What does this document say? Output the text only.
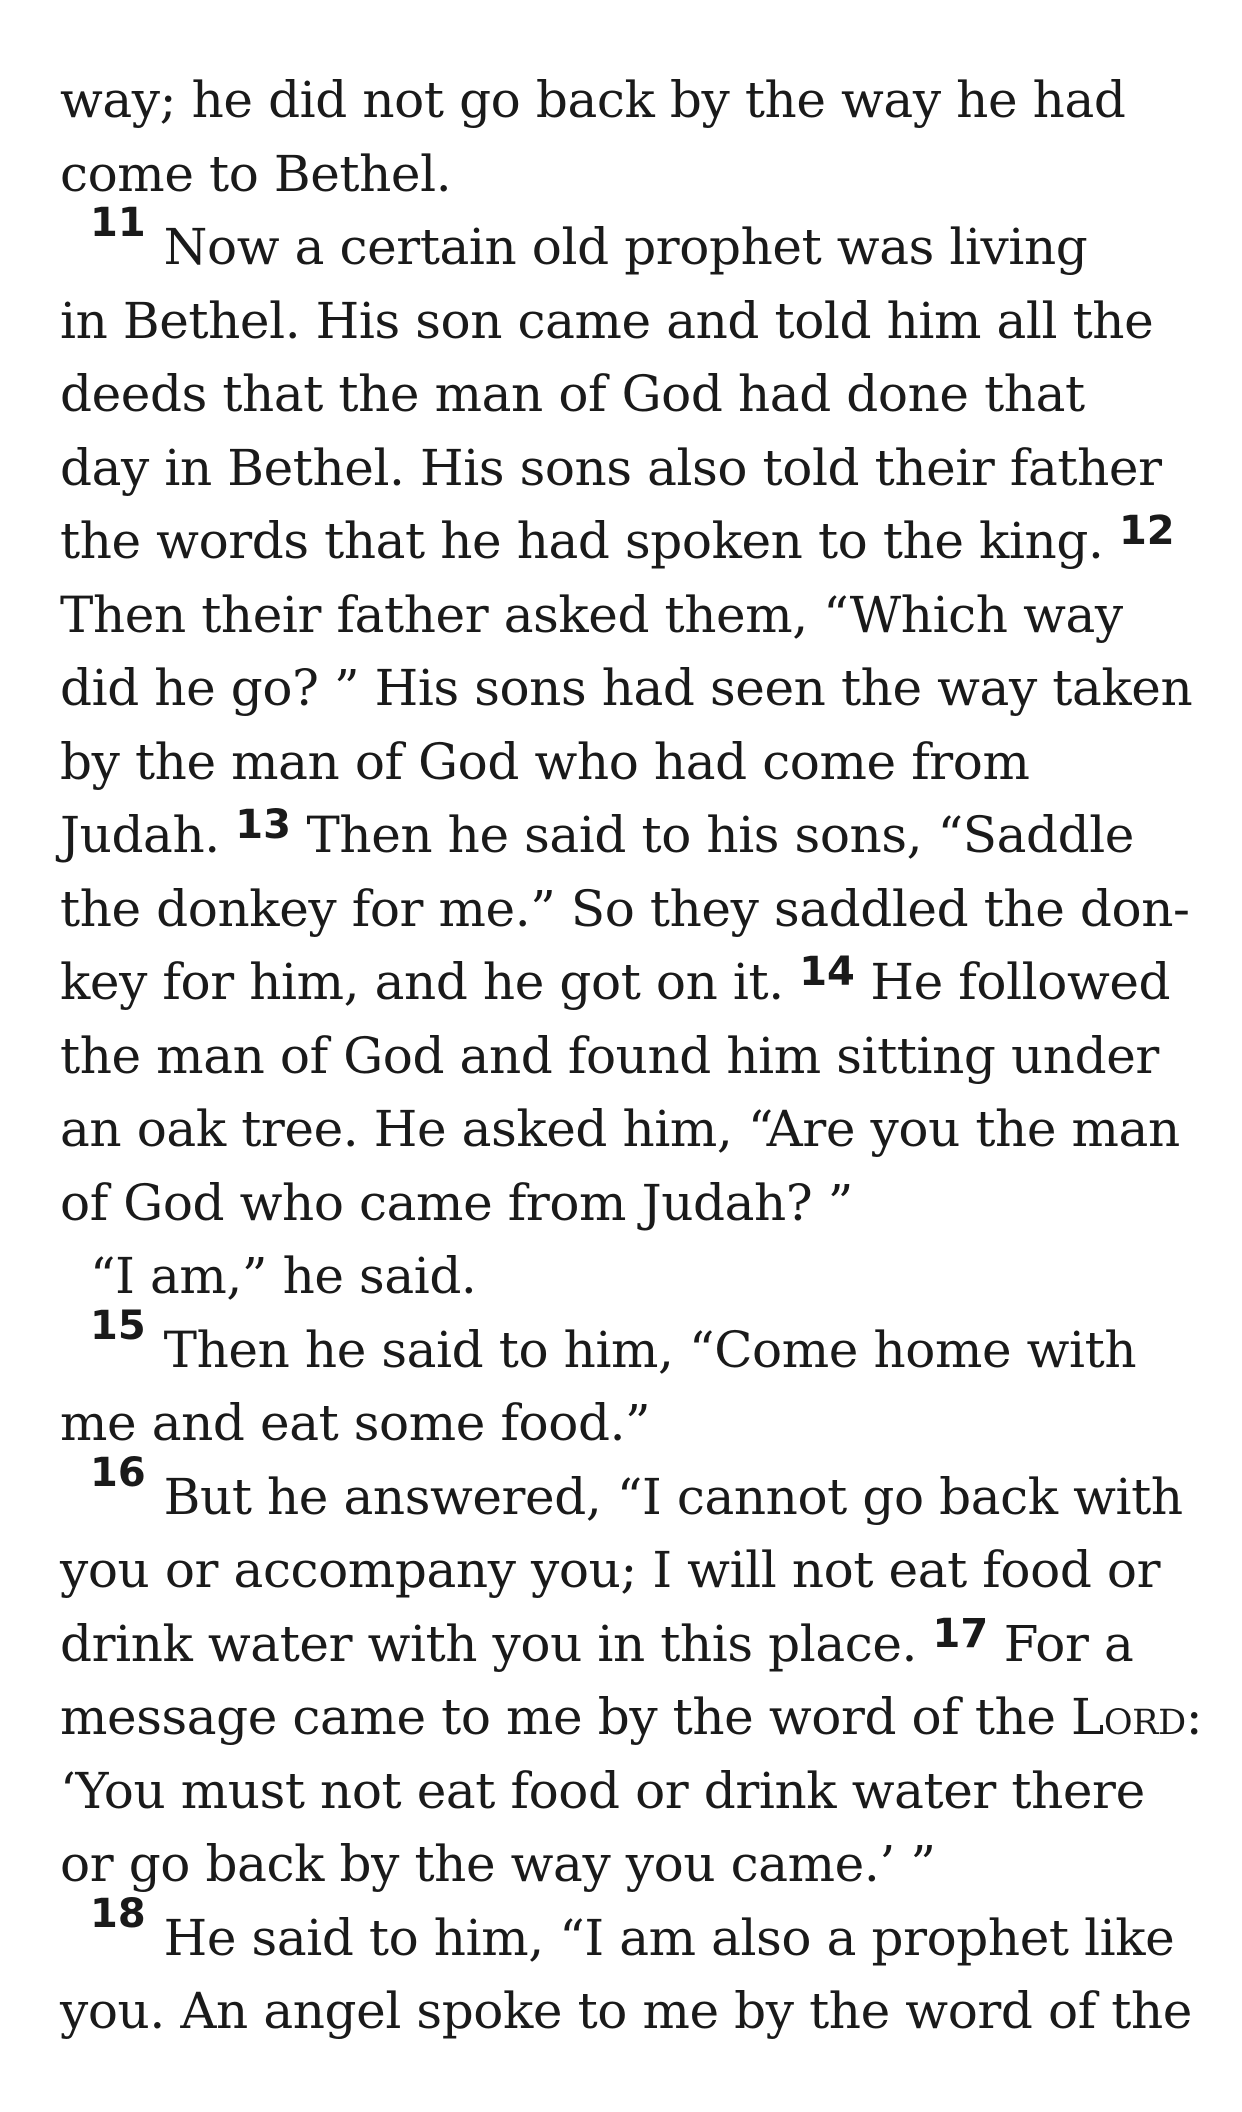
way; he did not go back by the way he had
come to Bethel.
11 Now a certain old prophet was living
in Bethel. His son came and told him all the
deeds that the man of God had done that
day in Bethel. His sons also told their father
the words that he had spoken to the king. $^{12}$
Then their father asked them, “Which way
did he go? ” His sons had seen the way taken
by the man of God who had come from
Judah. $^{13}$ Then he said to his sons, “Saddle
the donkey for me.” So they saddled the don-
key for him, and he got on it. $^{14}$ He followed
the man of God and found him sitting under
an oak tree. He asked him, “Are you the man
of God who came from Judah? ”
“I am,” he said.
15 Then he said to him, “Come home with
me and eat some food.”
16 But he answered, “I cannot go back with
you or accompany you; I will not eat food or
drink water with you in this place. $^{17}$ For a
message came to me by the word of the Lord:
‘You must not eat food or drink water there
or go back by the way you came.’ ”
18 He said to him, “I am also a prophet like
you. An angel spoke to me by the word of the
